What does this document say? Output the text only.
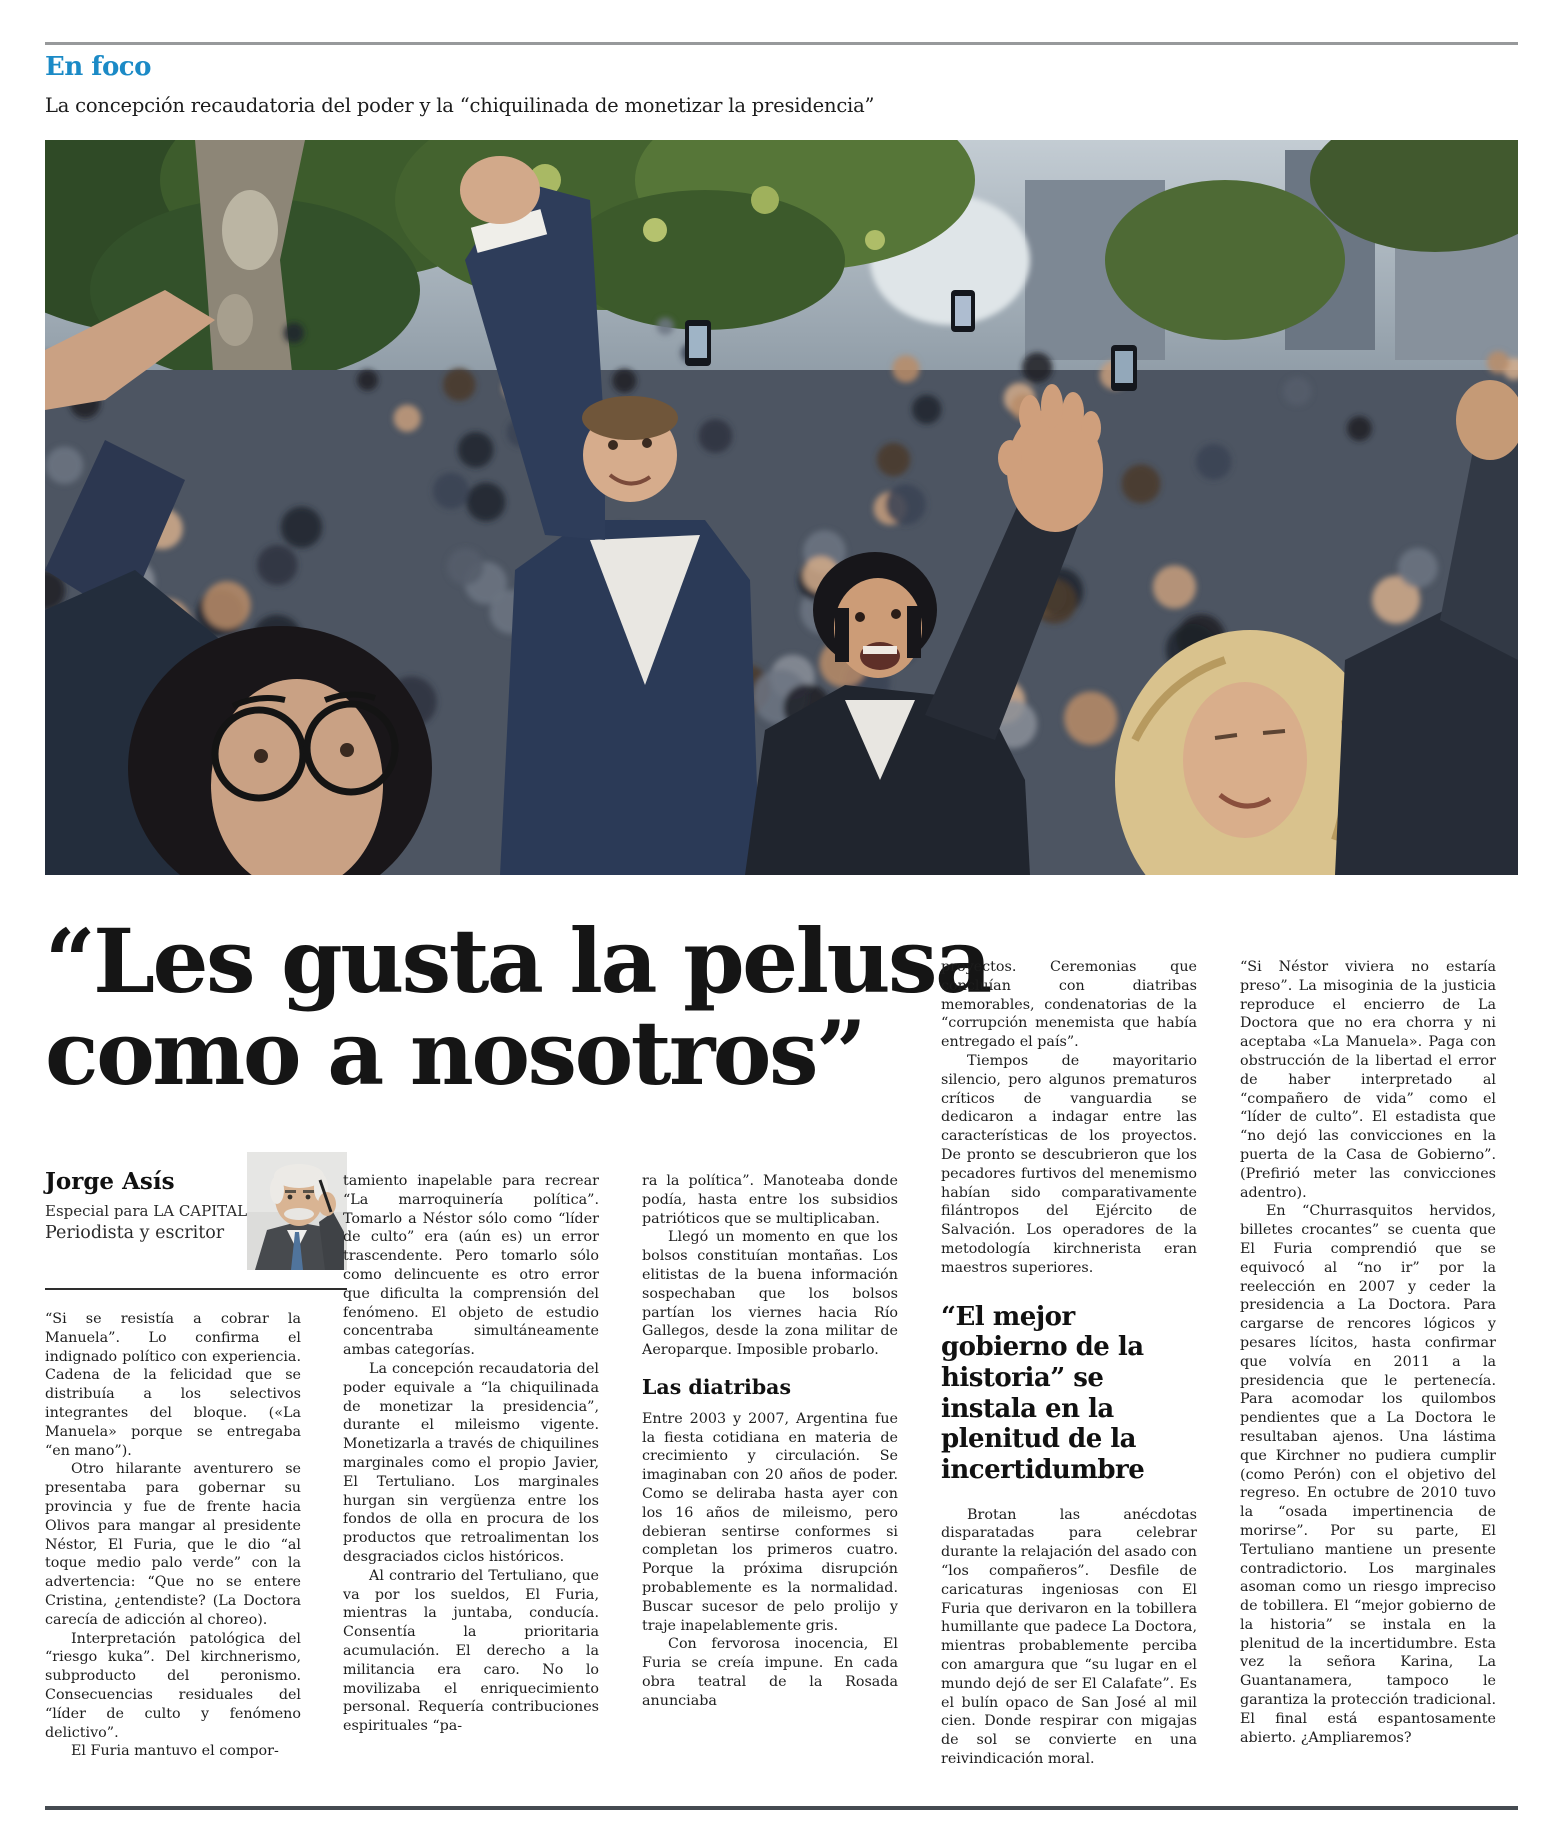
En foco
La concepción recaudatoria del poder y la “chiquilinada de monetizar la presidencia”
“Les gusta la pelusa
como a nosotros”
Jorge Asís
Especial para LA CAPITAL
Periodista y escritor

“Si se resistía a cobrar la Manuela”. Lo confirma el indignado político con experiencia. Cadena de la felicidad que se distribuía a los selectivos integrantes del bloque. («La Manuela» porque se entregaba “en mano”).

Otro hilarante aventurero se presentaba para gobernar su provincia y fue de frente hacia Olivos para mangar al presidente Néstor, El Furia, que le dio “al toque medio palo verde” con la advertencia: “Que no se entere Cristina, ¿entendiste? (La Doctora carecía de adicción al choreo).

Interpretación patológica del “riesgo kuka”. Del kirchnerismo, subproducto del peronismo. Consecuencias residuales del “líder de culto y fenómeno delictivo”.

El Furia mantuvo el compor-

tamiento inapelable para recrear “La marroquinería política”. Tomarlo a Néstor sólo como “líder de culto” era (aún es) un error trascendente. Pero tomarlo sólo como delincuente es otro error que dificulta la comprensión del fenómeno. El objeto de estudio concentraba simultáneamente ambas categorías.

La concepción recaudatoria del poder equivale a “la chiquilinada de monetizar la presidencia”, durante el mileismo vigente. Monetizarla a través de chiquilines marginales como el propio Javier, El Tertuliano. Los marginales hurgan sin vergüenza entre los fondos de olla en procura de los productos que retroalimentan los desgraciados ciclos históricos.

Al contrario del Tertuliano, que va por los sueldos, El Furia, mientras la juntaba, conducía. Consentía la prioritaria acumulación. El derecho a la militancia era caro. No lo movilizaba el enriquecimiento personal. Requería contribuciones espirituales “pa-

ra la política”. Manoteaba donde podía, hasta entre los subsidios patrióticos que se multiplicaban.

Llegó un momento en que los bolsos constituían montañas. Los elitistas de la buena información sospechaban que los bolsos partían los viernes hacia Río Gallegos, desde la zona militar de Aeroparque. Imposible probarlo.

Las diatribas

Entre 2003 y 2007, Argentina fue la fiesta cotidiana en materia de crecimiento y circulación. Se imaginaban con 20 años de poder. Como se deliraba hasta ayer con los 16 años de mileismo, pero debieran sentirse conformes si completan los primeros cuatro. Porque la próxima disrupción probablemente es la normalidad. Buscar sucesor de pelo prolijo y traje inapelablemente gris.

Con fervorosa inocencia, El Furia se creía impune. En cada obra teatral de la Rosada anunciaba

proyectos. Ceremonias que concluían con diatribas memorables, condenatorias de la “corrupción menemista que había entregado el país”.

Tiempos de mayoritario silencio, pero algunos prematuros críticos de vanguardia se dedicaron a indagar entre las características de los proyectos. De pronto se descubrieron que los pecadores furtivos del menemismo habían sido comparativamente filántropos del Ejército de Salvación. Los operadores de la metodología kirchnerista eran maestros superiores.

“El mejor gobierno de la historia” se instala en la plenitud de la incertidumbre

Brotan las anécdotas disparatadas para celebrar durante la relajación del asado con “los compañeros”. Desfile de caricaturas ingeniosas con El Furia que derivaron en la tobillera humillante que padece La Doctora, mientras probablemente perciba con amargura que “su lugar en el mundo dejó de ser El Calafate”. Es el bulín opaco de San José al mil cien. Donde respirar con migajas de sol se convierte en una reivindicación moral.

“Si Néstor viviera no estaría preso”. La misoginia de la justicia reproduce el encierro de La Doctora que no era chorra y ni aceptaba «La Manuela». Paga con obstrucción de la libertad el error de haber interpretado al “compañero de vida” como el “líder de culto”. El estadista que “no dejó las convicciones en la puerta de la Casa de Gobierno”. (Prefirió meter las convicciones adentro).

En “Churrasquitos hervidos, billetes crocantes” se cuenta que El Furia comprendió que se equivocó al “no ir” por la reelección en 2007 y ceder la presidencia a La Doctora. Para cargarse de rencores lógicos y pesares lícitos, hasta confirmar que volvía en 2011 a la presidencia que le pertenecía. Para acomodar los quilombos pendientes que a La Doctora le resultaban ajenos. Una lástima que Kirchner no pudiera cumplir (como Perón) con el objetivo del regreso. En octubre de 2010 tuvo la “osada impertinencia de morirse”. Por su parte, El Tertuliano mantiene un presente contradictorio. Los marginales asoman como un riesgo impreciso de tobillera. El “mejor gobierno de la historia” se instala en la plenitud de la incertidumbre. Esta vez la señora Karina, La Guantanamera, tampoco le garantiza la protección tradicional. El final está espantosamente abierto. ¿Ampliaremos?
